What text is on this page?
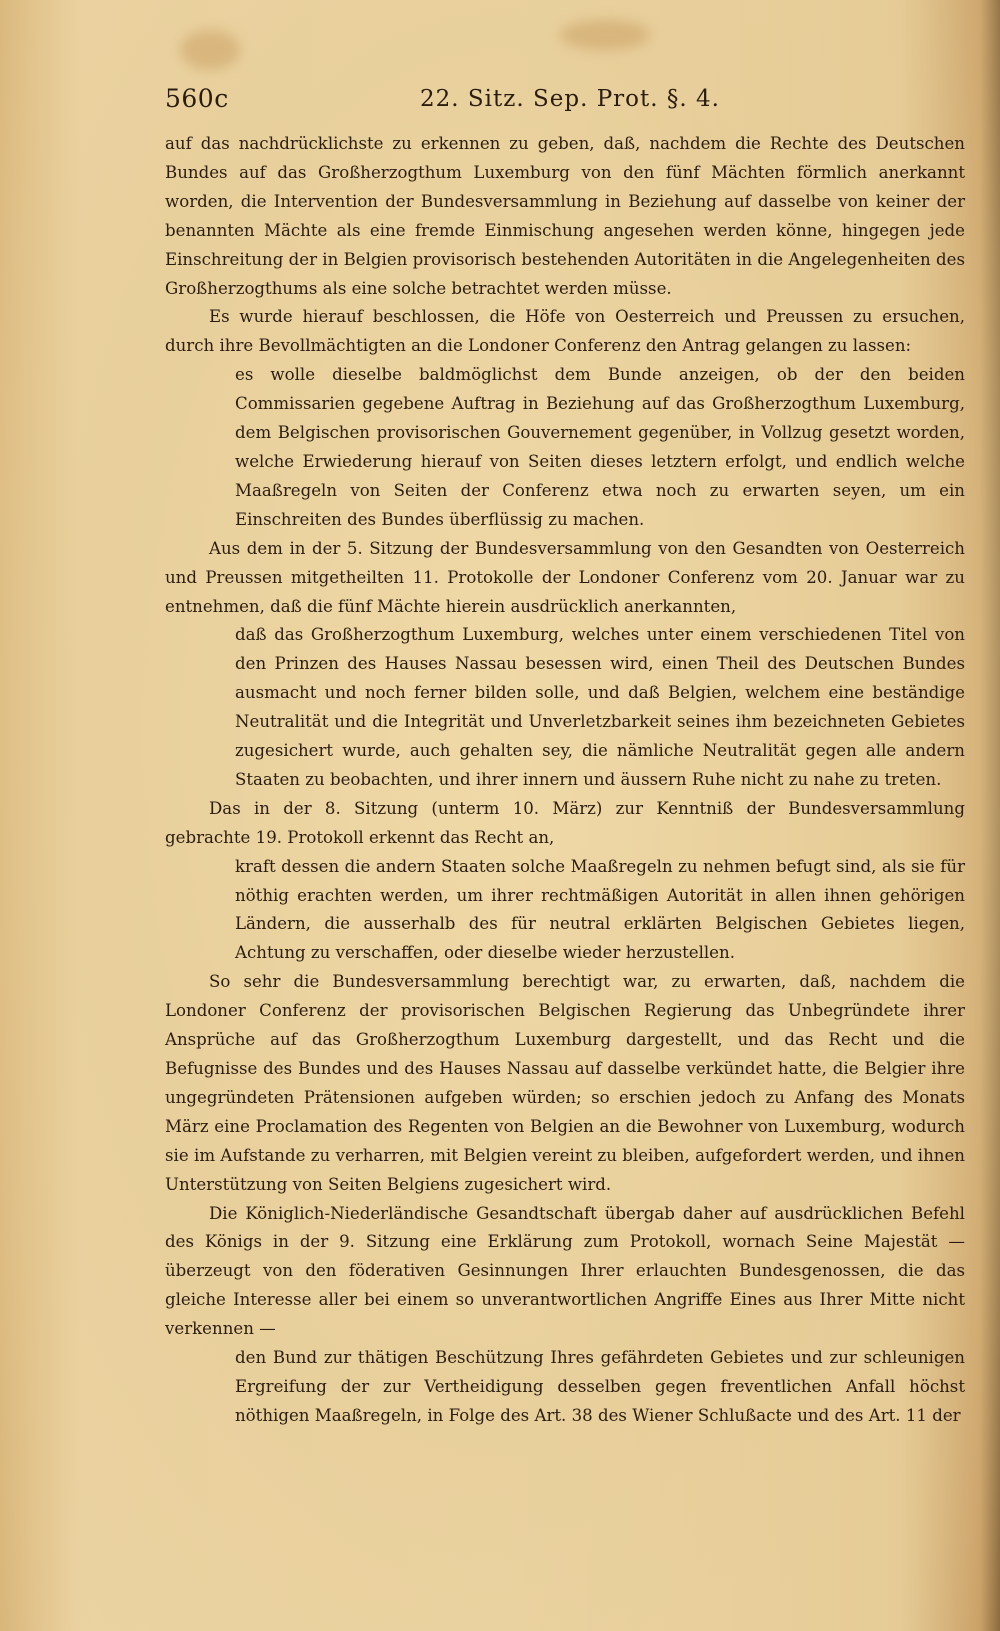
560c	22. Sitz. Sep. Prot. §. 4.

auf das nachdrücklichste zu erkennen zu geben, daß, nachdem die Rechte des Deutschen Bundes auf das Großherzogthum Luxemburg von den fünf Mächten förmlich anerkannt worden, die Intervention der Bundesversammlung in Beziehung auf dasselbe von keiner der benannten Mächte als eine fremde Einmischung angesehen werden könne, hingegen jede Einschreitung der in Belgien provisorisch bestehenden Autoritäten in die Angelegenheiten des Großherzogthums als eine solche betrachtet werden müsse.

Es wurde hierauf beschlossen, die Höfe von Oesterreich und Preussen zu ersuchen, durch ihre Bevollmächtigten an die Londoner Conferenz den Antrag gelangen zu lassen:

es wolle dieselbe baldmöglichst dem Bunde anzeigen, ob der den beiden Commissarien gegebene Auftrag in Beziehung auf das Großherzogthum Luxemburg, dem Belgischen provisorischen Gouvernement gegenüber, in Vollzug gesetzt worden, welche Erwiederung hierauf von Seiten dieses letztern erfolgt, und endlich welche Maaßregeln von Seiten der Conferenz etwa noch zu erwarten seyen, um ein Einschreiten des Bundes überflüssig zu machen.

Aus dem in der 5. Sitzung der Bundesversammlung von den Gesandten von Oesterreich und Preussen mitgetheilten 11. Protokolle der Londoner Conferenz vom 20. Januar war zu entnehmen, daß die fünf Mächte hierein ausdrücklich anerkannten,

daß das Großherzogthum Luxemburg, welches unter einem verschiedenen Titel von den Prinzen des Hauses Nassau besessen wird, einen Theil des Deutschen Bundes ausmacht und noch ferner bilden solle, und daß Belgien, welchem eine beständige Neutralität und die Integrität und Unverletzbarkeit seines ihm bezeichneten Gebietes zugesichert wurde, auch gehalten sey, die nämliche Neutralität gegen alle andern Staaten zu beobachten, und ihrer innern und äussern Ruhe nicht zu nahe zu treten.

Das in der 8. Sitzung (unterm 10. März) zur Kenntniß der Bundesversammlung gebrachte 19. Protokoll erkennt das Recht an,

kraft dessen die andern Staaten solche Maaßregeln zu nehmen befugt sind, als sie für nöthig erachten werden, um ihrer rechtmäßigen Autorität in allen ihnen gehörigen Ländern, die ausserhalb des für neutral erklärten Belgischen Gebietes liegen, Achtung zu verschaffen, oder dieselbe wieder herzustellen.

So sehr die Bundesversammlung berechtigt war, zu erwarten, daß, nachdem die Londoner Conferenz der provisorischen Belgischen Regierung das Unbegründete ihrer Ansprüche auf das Großherzogthum Luxemburg dargestellt, und das Recht und die Befugnisse des Bundes und des Hauses Nassau auf dasselbe verkündet hatte, die Belgier ihre ungegründeten Prätensionen aufgeben würden; so erschien jedoch zu Anfang des Monats März eine Proclamation des Regenten von Belgien an die Bewohner von Luxemburg, wodurch sie im Aufstande zu verharren, mit Belgien vereint zu bleiben, aufgefordert werden, und ihnen Unterstützung von Seiten Belgiens zugesichert wird.

Die Königlich-Niederländische Gesandtschaft übergab daher auf ausdrücklichen Befehl des Königs in der 9. Sitzung eine Erklärung zum Protokoll, wornach Seine Majestät — überzeugt von den föderativen Gesinnungen Ihrer erlauchten Bundesgenossen, die das gleiche Interesse aller bei einem so unverantwortlichen Angriffe Eines aus Ihrer Mitte nicht verkennen —

den Bund zur thätigen Beschützung Ihres gefährdeten Gebietes und zur schleunigen Ergreifung der zur Vertheidigung desselben gegen freventlichen Anfall höchst nöthigen Maaßregeln, in Folge des Art. 38 des Wiener Schlußacte und des Art. 11 der
